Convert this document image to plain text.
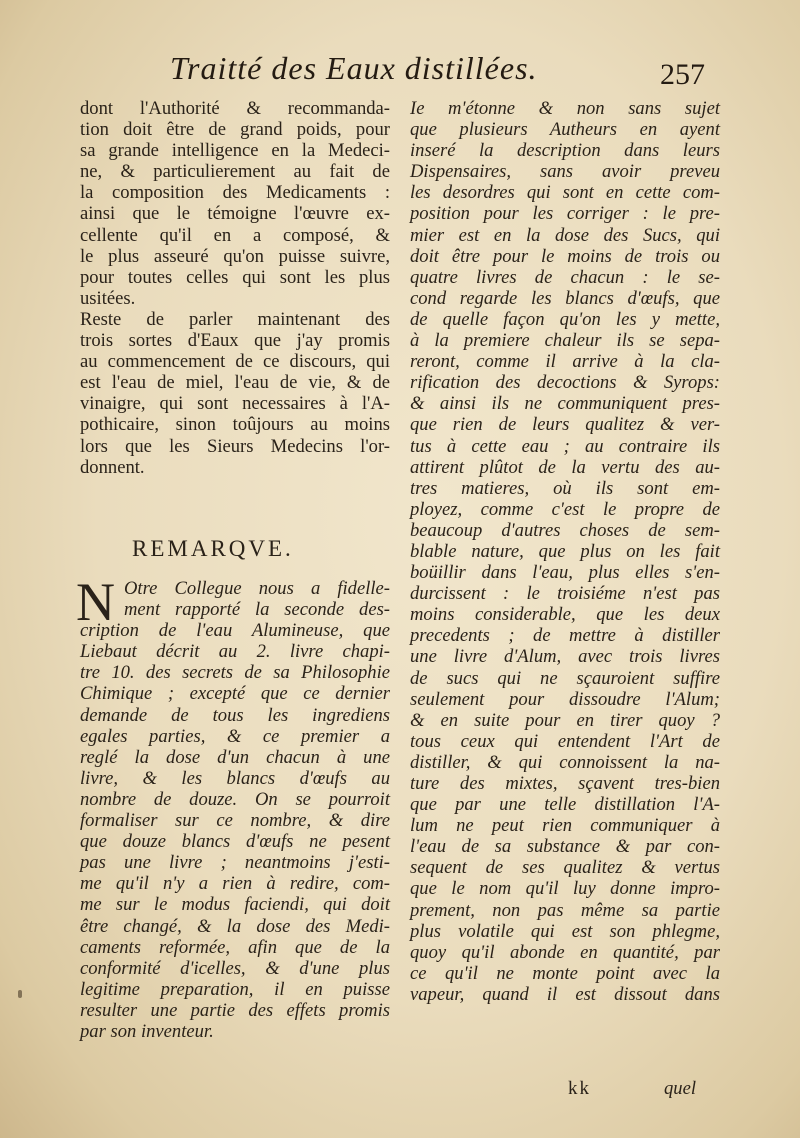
Traitté des Eaux distillées.	257
dont l'Authorité & recommanda-
tion doit être de grand poids, pour
sa grande intelligence en la Medeci-
ne, & particulierement au fait de
la composition des Medicaments :
ainsi que le témoigne l'œuvre ex-
cellente qu'il en a composé, &
le plus asseuré qu'on puisse suivre,
pour toutes celles qui sont les plus
usitées.
Reste de parler maintenant des
trois sortes d'Eaux que j'ay promis
au commencement de ce discours, qui
est l'eau de miel, l'eau de vie, & de
vinaigre, qui sont necessaires à l'A-
pothicaire, sinon toûjours au moins
lors que les Sieurs Medecins l'or-
donnent.
REMARQVE.
N Otre Collegue nous a fidelle-
ment rapporté la seconde des-
cription de l'eau Alumineuse, que
Liebaut décrit au 2. livre chapi-
tre 10. des secrets de sa Philosophie
Chimique ; excepté que ce dernier
demande de tous les ingrediens
egales parties, & ce premier a
reglé la dose d'un chacun à une
livre, & les blancs d'œufs au
nombre de douze. On se pourroit
formaliser sur ce nombre, & dire
que douze blancs d'œufs ne pesent
pas une livre ; neantmoins j'esti-
me qu'il n'y a rien à redire, com-
me sur le modus faciendi, qui doit
être changé, & la dose des Medi-
caments reformée, afin que de la
conformité d'icelles, & d'une plus
legitime preparation, il en puisse
resulter une partie des effets promis
par son inventeur.
Ie m'étonne & non sans sujet
que plusieurs Autheurs en ayent
inseré la description dans leurs
Dispensaires, sans avoir preveu
les desordres qui sont en cette com-
position pour les corriger : le pre-
mier est en la dose des Sucs, qui
doit être pour le moins de trois ou
quatre livres de chacun : le se-
cond regarde les blancs d'œufs, que
de quelle façon qu'on les y mette,
à la premiere chaleur ils se sepa-
reront, comme il arrive à la cla-
rification des decoctions & Syrops:
& ainsi ils ne communiquent pres-
que rien de leurs qualitez & ver-
tus à cette eau ; au contraire ils
attirent plûtot de la vertu des au-
tres matieres, où ils sont em-
ployez, comme c'est le propre de
beaucoup d'autres choses de sem-
blable nature, que plus on les fait
boüillir dans l'eau, plus elles s'en-
durcissent : le troisiéme n'est pas
moins considerable, que les deux
precedents ; de mettre à distiller
une livre d'Alum, avec trois livres
de sucs qui ne sçauroient suffire
seulement pour dissoudre l'Alum;
& en suite pour en tirer quoy ?
tous ceux qui entendent l'Art de
distiller, & qui connoissent la na-
ture des mixtes, sçavent tres-bien
que par une telle distillation l'A-
lum ne peut rien communiquer à
l'eau de sa substance & par con-
sequent de ses qualitez & vertus
que le nom qu'il luy donne impro-
prement, non pas même sa partie
plus volatile qui est son phlegme,
quoy qu'il abonde en quantité, par
ce qu'il ne monte point avec la
vapeur, quand il est dissout dans
kk	quel
